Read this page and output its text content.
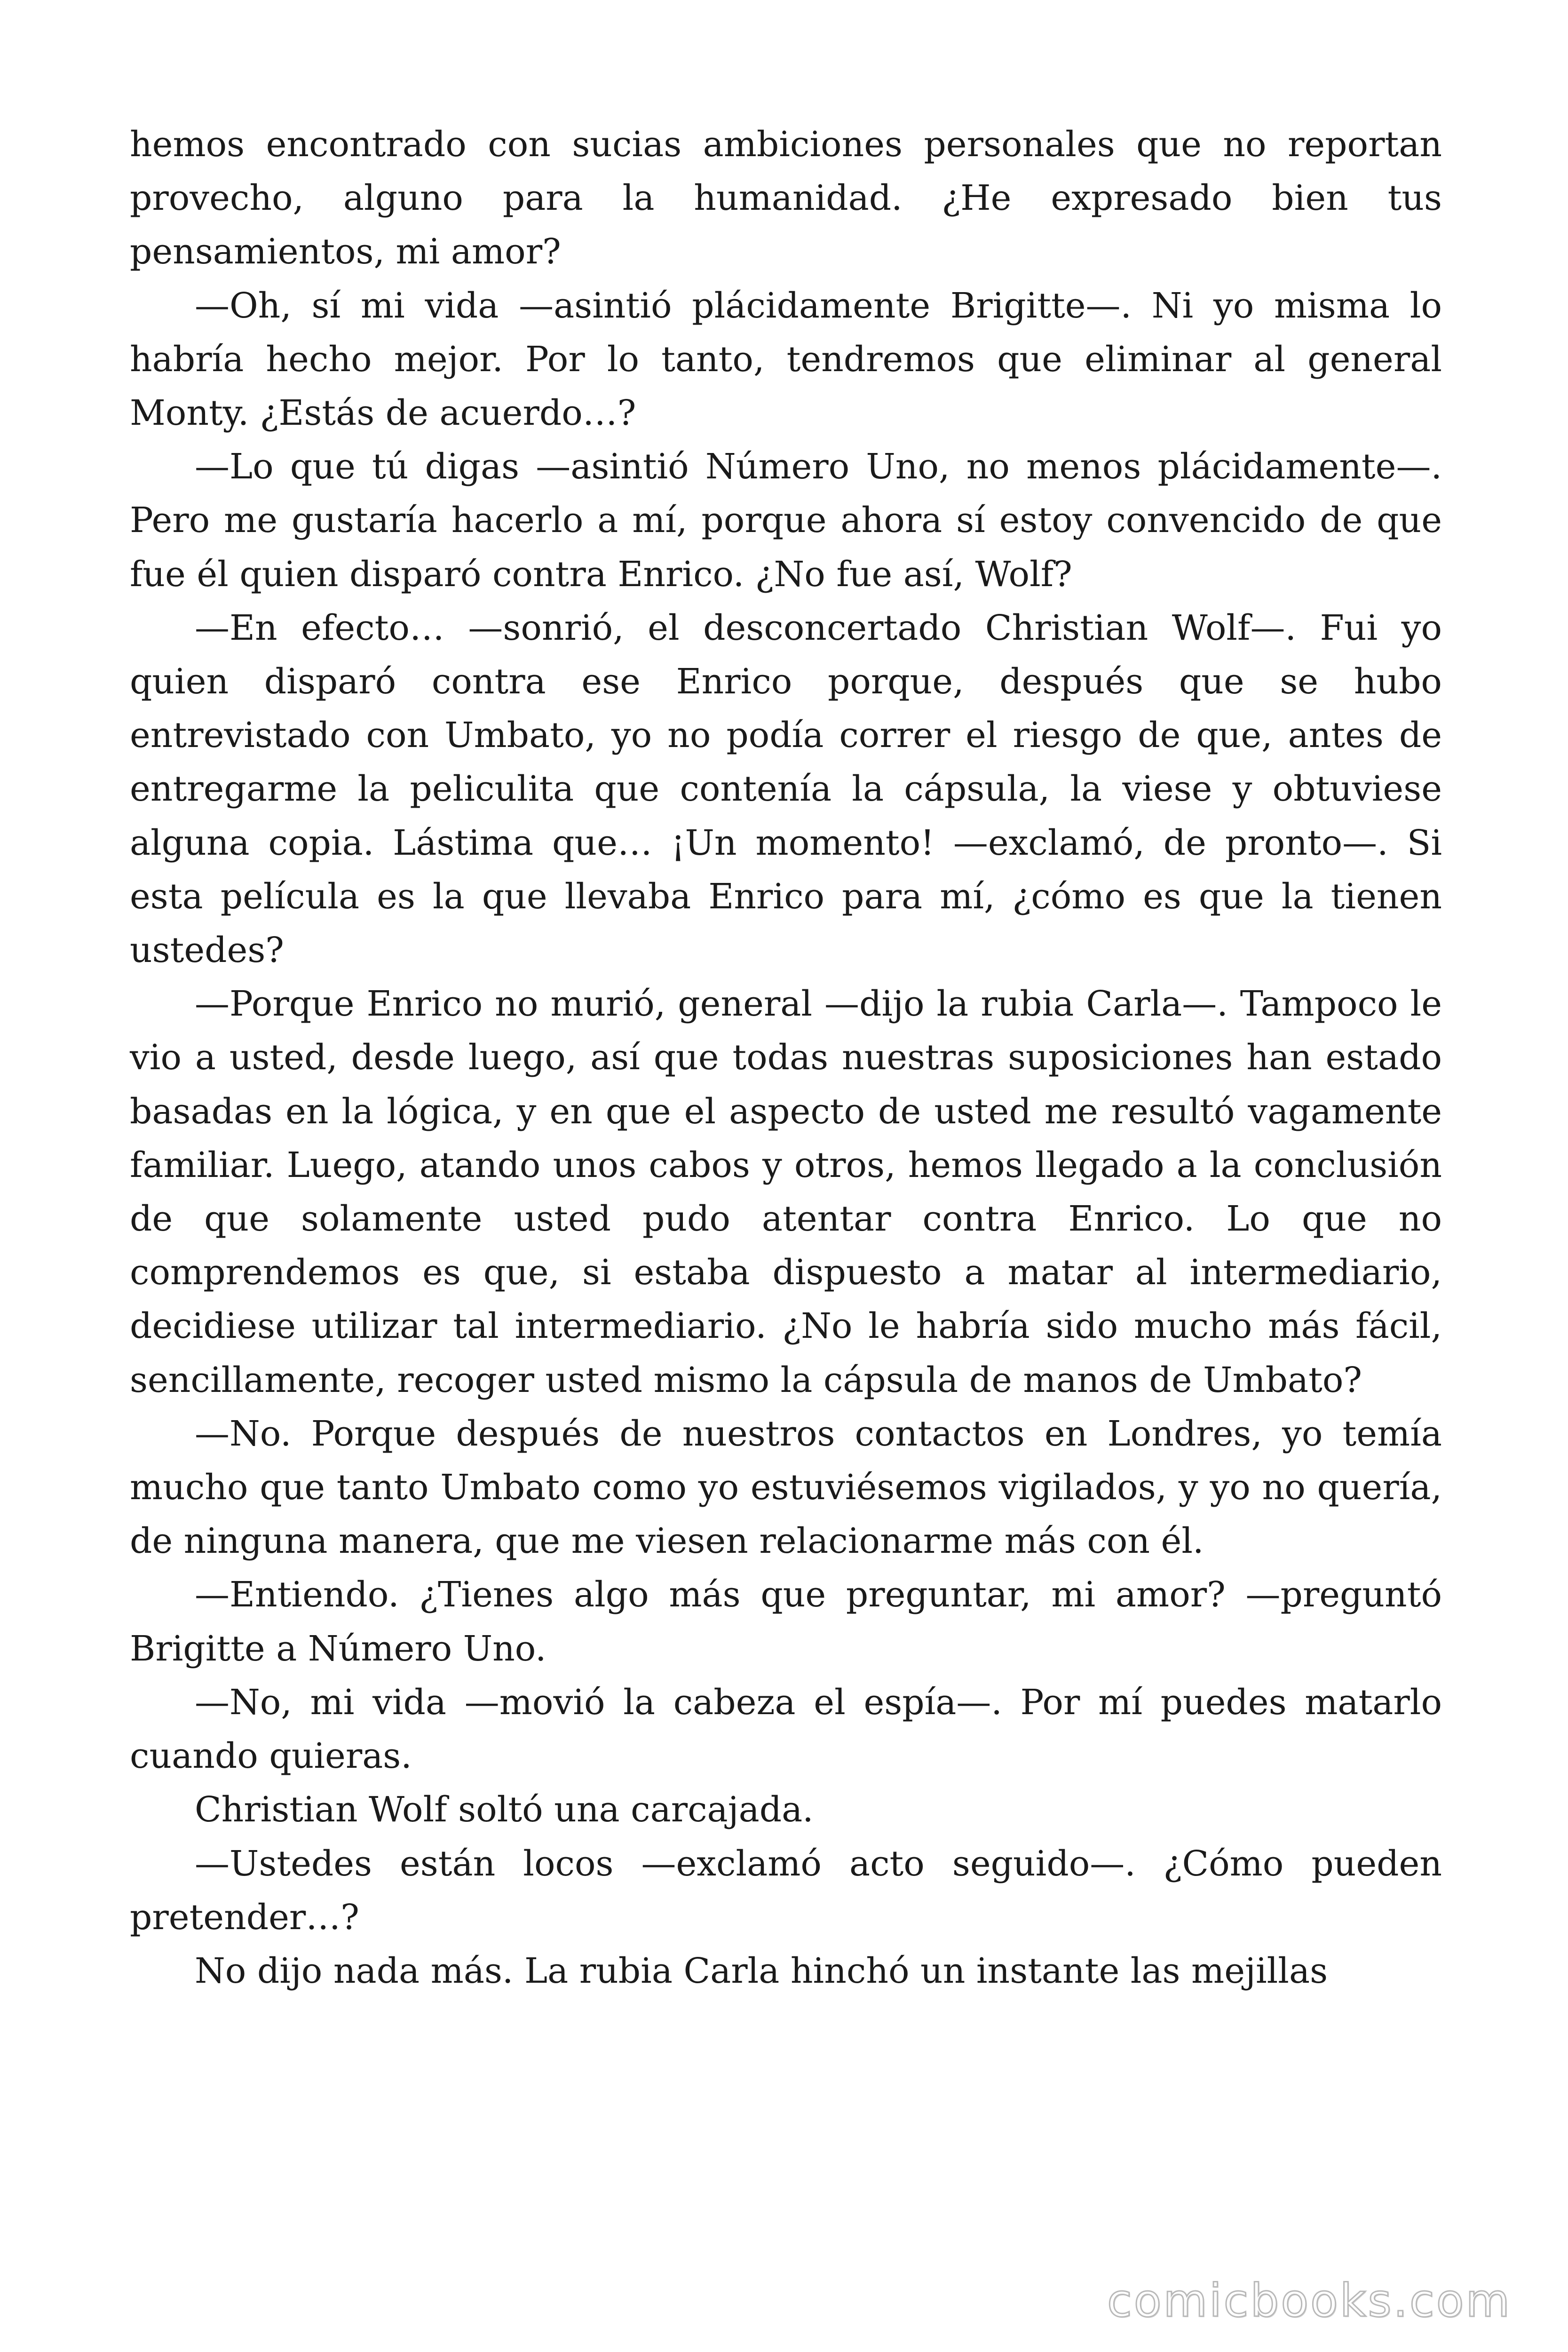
hemos encontrado con sucias ambiciones personales que no reportan provecho, alguno para la humanidad. ¿He expresado bien tus pensamientos, mi amor?

—Oh, sí mi vida —asintió plácidamente Brigitte—. Ni yo misma lo habría hecho mejor. Por lo tanto, tendremos que eliminar al general Monty. ¿Estás de acuerdo…?

—Lo que tú digas —asintió Número Uno, no menos plácidamente—. Pero me gustaría hacerlo a mí, porque ahora sí estoy convencido de que fue él quien disparó contra Enrico. ¿No fue así, Wolf?

—En efecto… —sonrió, el desconcertado Christian Wolf—. Fui yo quien disparó contra ese Enrico porque, después que se hubo entrevistado con Umbato, yo no podía correr el riesgo de que, antes de entregarme la peliculita que contenía la cápsula, la viese y obtuviese alguna copia. Lástima que… ¡Un momento! —exclamó, de pronto—. Si esta película es la que llevaba Enrico para mí, ¿cómo es que la tienen ustedes?

—Porque Enrico no murió, general —dijo la rubia Carla—. Tampoco le vio a usted, desde luego, así que todas nuestras suposiciones han estado basadas en la lógica, y en que el aspecto de usted me resultó vagamente familiar. Luego, atando unos cabos y otros, hemos llegado a la conclusión de que solamente usted pudo atentar contra Enrico. Lo que no comprendemos es que, si estaba dispuesto a matar al intermediario, decidiese utilizar tal intermediario. ¿No le habría sido mucho más fácil, sencillamente, recoger usted mismo la cápsula de manos de Umbato?

—No. Porque después de nuestros contactos en Londres, yo temía mucho que tanto Umbato como yo estuviésemos vigilados, y yo no quería, de ninguna manera, que me viesen relacionarme más con él.

—Entiendo. ¿Tienes algo más que preguntar, mi amor? —preguntó Brigitte a Número Uno.

—No, mi vida —movió la cabeza el espía—. Por mí puedes matarlo cuando quieras.

Christian Wolf soltó una carcajada.

—Ustedes están locos —exclamó acto seguido—. ¿Cómo pueden pretender…?

No dijo nada más. La rubia Carla hinchó un instante las mejillas

comicbooks.com
